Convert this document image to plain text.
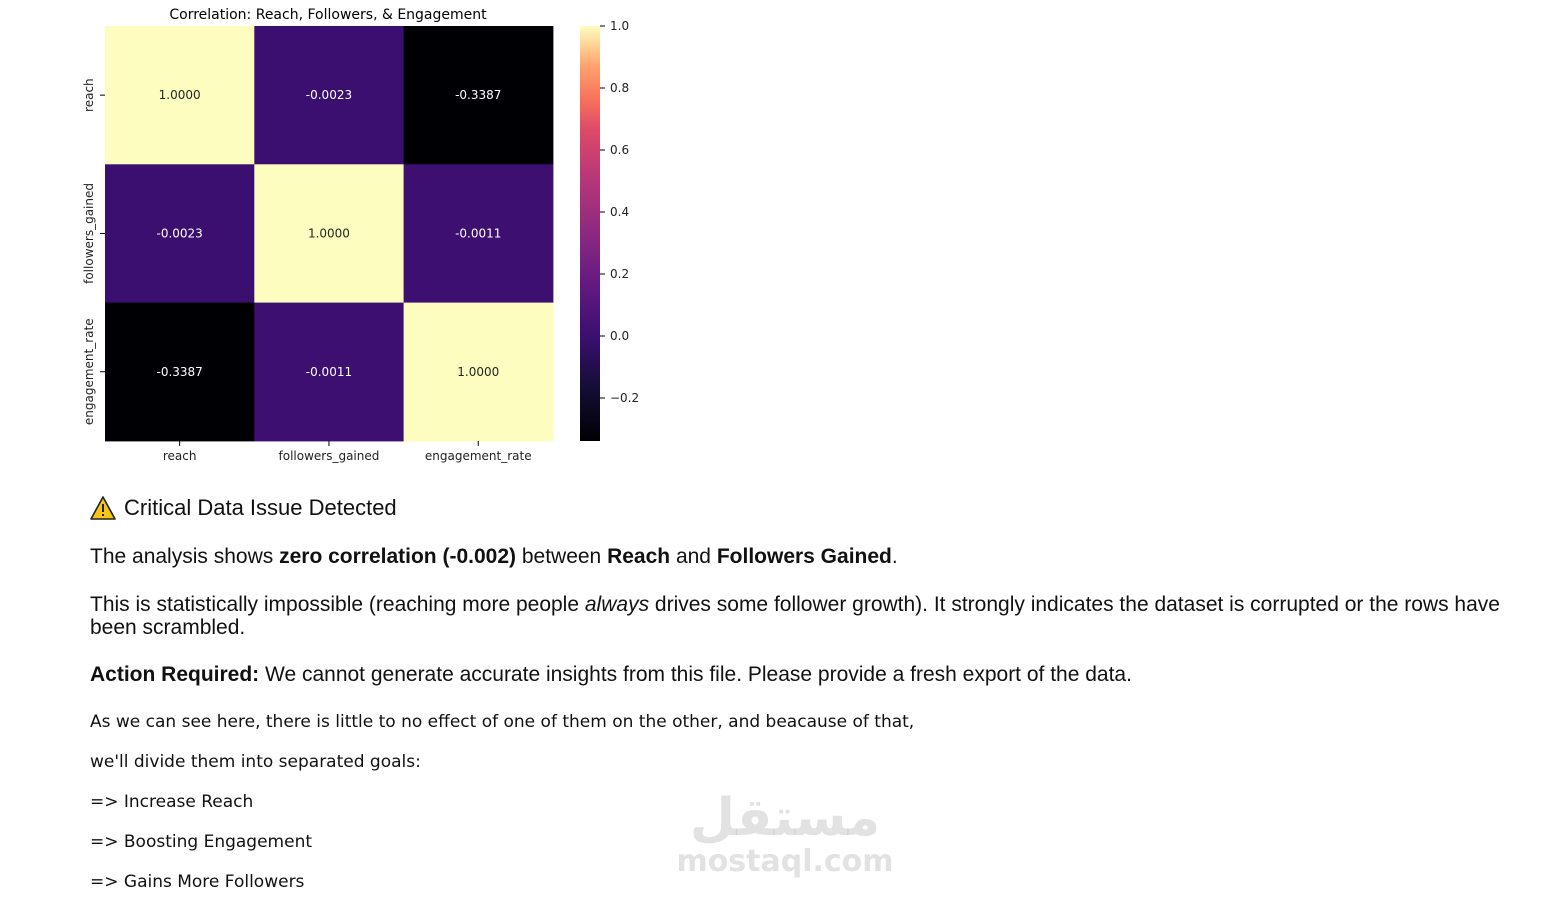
Correlation: Reach, Followers, & Engagement
1.0000	-0.0023	-0.3387
-0.0023	1.0000	-0.0011
-0.3387	-0.0011	1.0000
reach
followers_gained
engagement_rate
reach	followers_gained	engagement_rate
1.0
0.8
0.6
0.4
0.2
0.0
−0.2
Critical Data Issue Detected
The analysis shows zero correlation (-0.002) between Reach and Followers Gained.
This is statistically impossible (reaching more people always drives some follower growth). It strongly indicates the dataset is corrupted or the rows have been scrambled.
Action Required: We cannot generate accurate insights from this file. Please provide a fresh export of the data.
As we can see here, there is little to no effect of one of them on the other, and beacause of that,
we'll divide them into separated goals:
=> Increase Reach
=> Boosting Engagement
=> Gains More Followers
مستقل
mostaql.com
